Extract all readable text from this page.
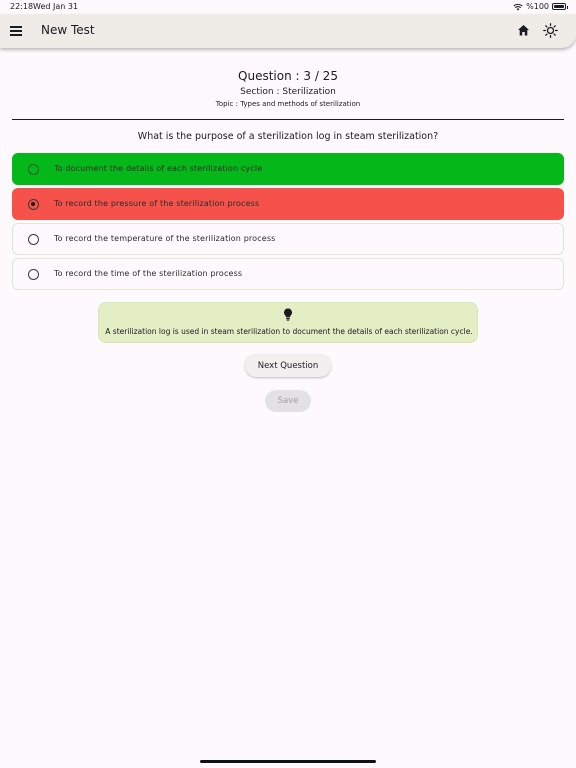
22:18 Wed Jan 31	%100
New Test
Question : 3 / 25
Section : Sterilization
Topic : Types and methods of sterilization
What is the purpose of a sterilization log in steam sterilization?
To document the details of each sterilization cycle
To record the pressure of the sterilization process
To record the temperature of the sterilization process
To record the time of the sterilization process
A sterilization log is used in steam sterilization to document the details of each sterilization cycle.
Next Question
Save
